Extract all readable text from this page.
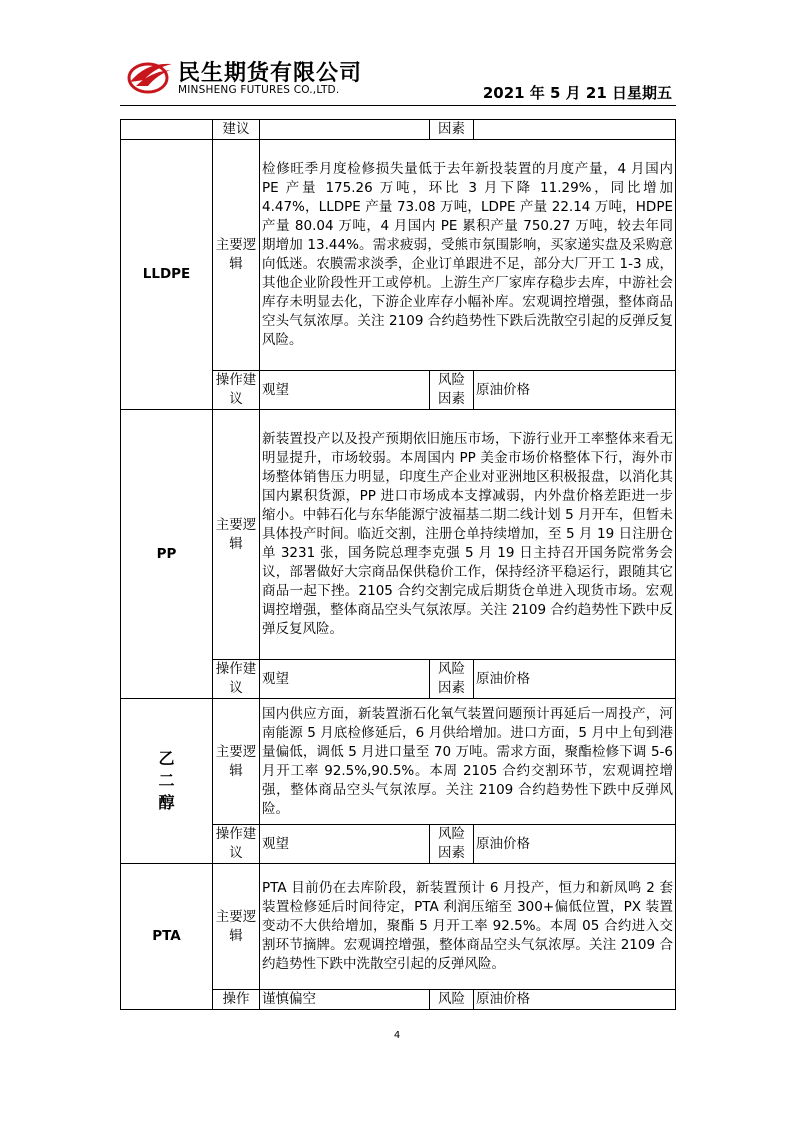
民生期货有限公司
MINSHENG FUTURES CO.,LTD.	2021 年 5 月 21 日星期五
	建议		因素	
LLDPE	主要逻辑	检修旺季月度检修损失量低于去年新投装置的月度产量，4 月国内 PE 产量 175.26 万吨，环比 3 月下降 11.29%，同比增加 4.47%，LLDPE 产量 73.08 万吨，LDPE 产量 22.14 万吨，HDPE 产量 80.04 万吨，4 月国内 PE 累积产量 750.27 万吨，较去年同期增加 13.44%。需求疲弱，受熊市氛围影响，买家递实盘及采购意向低迷。农膜需求淡季，企业订单跟进不足，部分大厂开工 1-3 成，其他企业阶段性开工或停机。上游生产厂家库存稳步去库，中游社会库存未明显去化，下游企业库存小幅补库。宏观调控增强，整体商品空头气氛浓厚。关注 2109 合约趋势性下跌后洗散空引起的反弹反复风险。		
	操作建议	观望	风险因素	原油价格
PP	主要逻辑	新装置投产以及投产预期依旧施压市场，下游行业开工率整体来看无明显提升，市场较弱。本周国内 PP 美金市场价格整体下行，海外市场整体销售压力明显，印度生产企业对亚洲地区积极报盘，以消化其国内累积货源，PP 进口市场成本支撑减弱，内外盘价格差距进一步缩小。中韩石化与东华能源宁波福基二期二线计划 5 月开车，但暂未具体投产时间。临近交割，注册仓单持续增加，至 5 月 19 日注册仓单 3231 张，国务院总理李克强 5 月 19 日主持召开国务院常务会议，部署做好大宗商品保供稳价工作，保持经济平稳运行，跟随其它商品一起下挫。2105 合约交割完成后期货仓单进入现货市场。宏观调控增强，整体商品空头气氛浓厚。关注 2109 合约趋势性下跌中反弹反复风险。		
	操作建议	观望	风险因素	原油价格
乙二醇	主要逻辑	国内供应方面，新装置浙石化氧气装置问题预计再延后一周投产，河南能源 5 月底检修延后，6 月供给增加。进口方面，5 月中上旬到港量偏低，调低 5 月进口量至 70 万吨。需求方面，聚酯检修下调 5-6 月开工率 92.5%,90.5%。本周 2105 合约交割环节，宏观调控增强，整体商品空头气氛浓厚。关注 2109 合约趋势性下跌中反弹风险。		
	操作建议	观望	风险因素	原油价格
PTA	主要逻辑	PTA 目前仍在去库阶段，新装置预计 6 月投产，恒力和新凤鸣 2 套装置检修延后时间待定，PTA 利润压缩至 300+偏低位置，PX 装置变动不大供给增加，聚酯 5 月开工率 92.5%。本周 05 合约进入交割环节摘牌。宏观调控增强，整体商品空头气氛浓厚。关注 2109 合约趋势性下跌中洗散空引起的反弹风险。		
	操作	谨慎偏空	风险	原油价格
4
